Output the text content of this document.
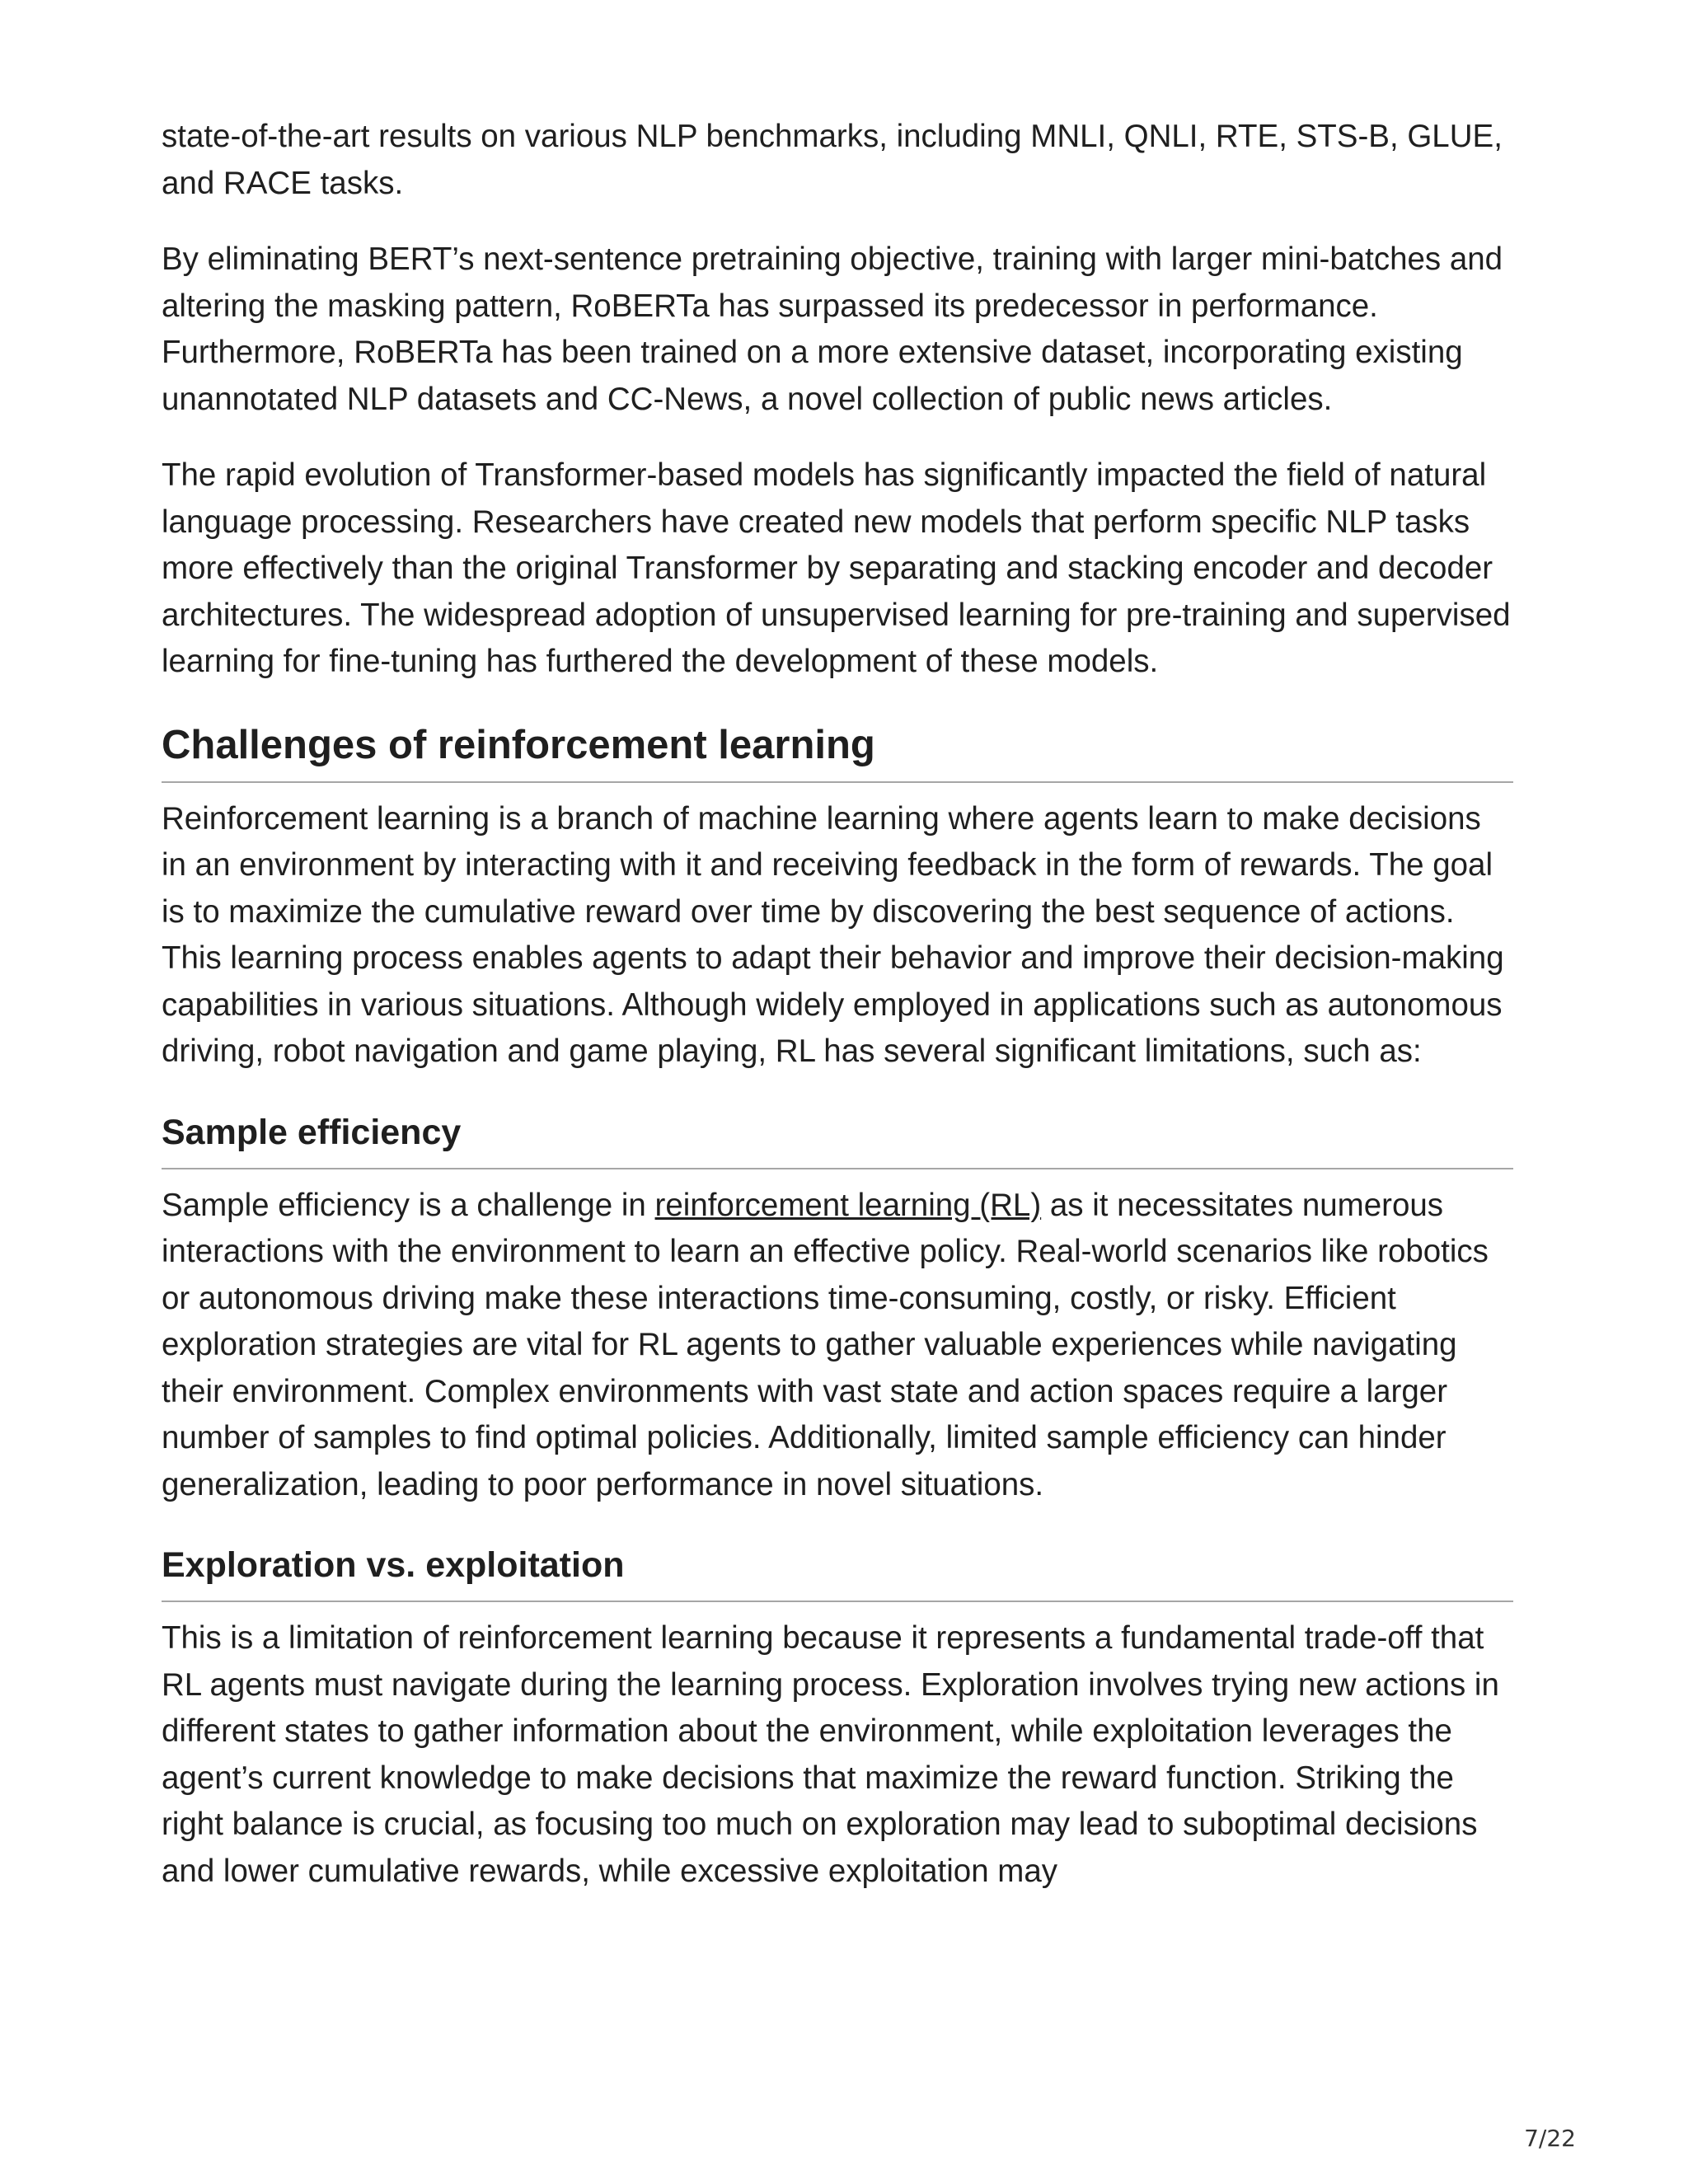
state-of-the-art results on various NLP benchmarks, including MNLI, QNLI, RTE, STS-B, GLUE, and RACE tasks.

By eliminating BERT’s next-sentence pretraining objective, training with larger mini-batches and altering the masking pattern, RoBERTa has surpassed its predecessor in performance. Furthermore, RoBERTa has been trained on a more extensive dataset, incorporating existing unannotated NLP datasets and CC-News, a novel collection of public news articles.

The rapid evolution of Transformer-based models has significantly impacted the field of natural language processing. Researchers have created new models that perform specific NLP tasks more effectively than the original Transformer by separating and stacking encoder and decoder architectures. The widespread adoption of unsupervised learning for pre-training and supervised learning for fine-tuning has furthered the development of these models.

Challenges of reinforcement learning

Reinforcement learning is a branch of machine learning where agents learn to make decisions in an environment by interacting with it and receiving feedback in the form of rewards. The goal is to maximize the cumulative reward over time by discovering the best sequence of actions. This learning process enables agents to adapt their behavior and improve their decision-making capabilities in various situations. Although widely employed in applications such as autonomous driving, robot navigation and game playing, RL has several significant limitations, such as:

Sample efficiency

Sample efficiency is a challenge in reinforcement learning (RL) as it necessitates numerous interactions with the environment to learn an effective policy. Real-world scenarios like robotics or autonomous driving make these interactions time-consuming, costly, or risky. Efficient exploration strategies are vital for RL agents to gather valuable experiences while navigating their environment. Complex environments with vast state and action spaces require a larger number of samples to find optimal policies. Additionally, limited sample efficiency can hinder generalization, leading to poor performance in novel situations.

Exploration vs. exploitation

This is a limitation of reinforcement learning because it represents a fundamental trade-off that RL agents must navigate during the learning process. Exploration involves trying new actions in different states to gather information about the environment, while exploitation leverages the agent’s current knowledge to make decisions that maximize the reward function. Striking the right balance is crucial, as focusing too much on exploration may lead to suboptimal decisions and lower cumulative rewards, while excessive exploitation may

7/22
